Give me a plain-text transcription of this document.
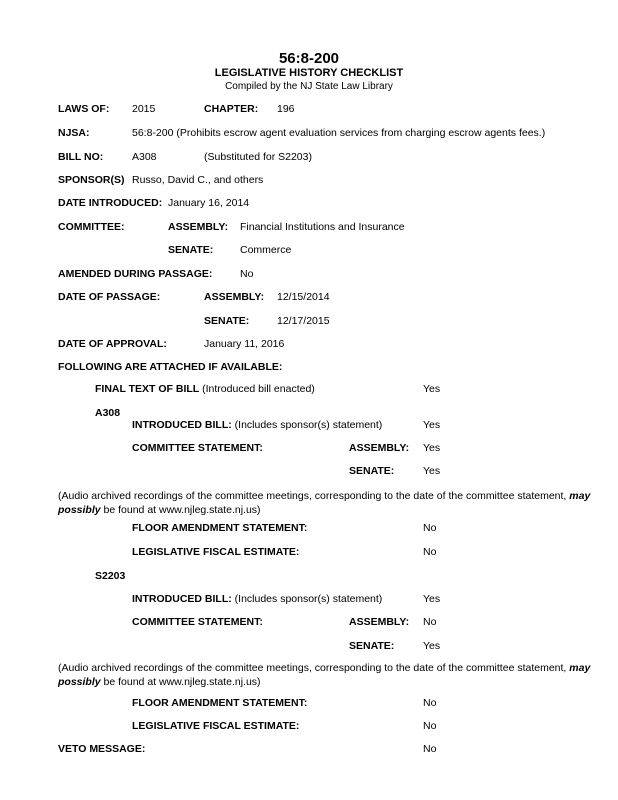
56:8-200
LEGISLATIVE HISTORY CHECKLIST
Compiled by the NJ State Law Library
LAWS OF: 2015	CHAPTER: 196
NJSA:	56:8-200 (Prohibits escrow agent evaluation services from charging escrow agents fees.)
BILL NO:	A308	(Substituted for S2203)
SPONSOR(S) Russo, David C., and others
DATE INTRODUCED: January 16, 2014
COMMITTEE:	ASSEMBLY: Financial Institutions and Insurance
SENATE:	Commerce
AMENDED DURING PASSAGE:	No
DATE OF PASSAGE:	ASSEMBLY: 12/15/2014
SENATE:	12/17/2015
DATE OF APPROVAL:	January 11, 2016
FOLLOWING ARE ATTACHED IF AVAILABLE:
FINAL TEXT OF BILL (Introduced bill enacted)	Yes
A308
INTRODUCED BILL: (Includes sponsor(s) statement)	Yes
COMMITTEE STATEMENT:	ASSEMBLY: Yes
SENATE:	Yes
(Audio archived recordings of the committee meetings, corresponding to the date of the committee statement, may possibly be found at www.njleg.state.nj.us)
FLOOR AMENDMENT STATEMENT:	No
LEGISLATIVE FISCAL ESTIMATE:	No
S2203
INTRODUCED BILL: (Includes sponsor(s) statement)	Yes
COMMITTEE STATEMENT:	ASSEMBLY: No
SENATE:	Yes
(Audio archived recordings of the committee meetings, corresponding to the date of the committee statement, may possibly be found at www.njleg.state.nj.us)
FLOOR AMENDMENT STATEMENT:	No
LEGISLATIVE FISCAL ESTIMATE:	No
VETO MESSAGE:	No
